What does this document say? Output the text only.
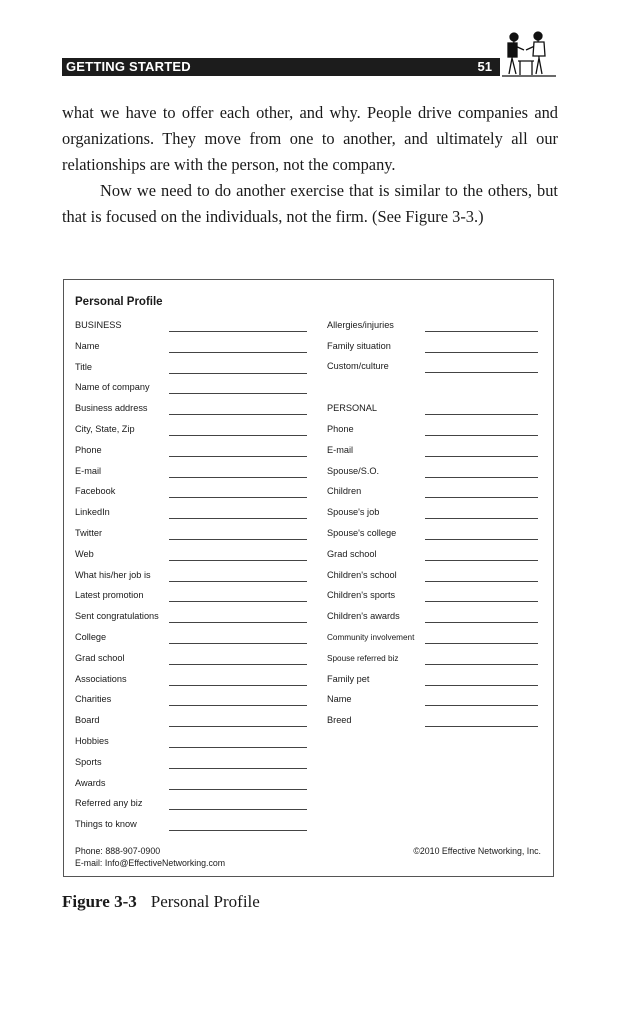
GETTING STARTED	51

what we have to offer each other, and why. People drive companies and organizations. They move from one to another, and ultimately all our relationships are with the person, not the company.

Now we need to do another exercise that is similar to the others, but that is focused on the individuals, not the firm. (See Figure 3-3.)

Personal Profile
BUSINESS
Name
Title
Name of company
Business address
City, State, Zip
Phone
E-mail
Facebook
LinkedIn
Twitter
Web
What his/her job is
Latest promotion
Sent congratulations
College
Grad school
Associations
Charities
Board
Hobbies
Sports
Awards
Referred any biz
Things to know
Allergies/injuries
Family situation
Custom/culture
PERSONAL
Phone
E-mail
Spouse/S.O.
Children
Spouse's job
Spouse's college
Grad school
Children's school
Children's sports
Children's awards
Community involvement
Spouse referred biz
Family pet
Name
Breed
Phone: 888-907-0900
E-mail: Info@EffectiveNetworking.com
©2010 Effective Networking, Inc.
Figure 3-3 Personal Profile
